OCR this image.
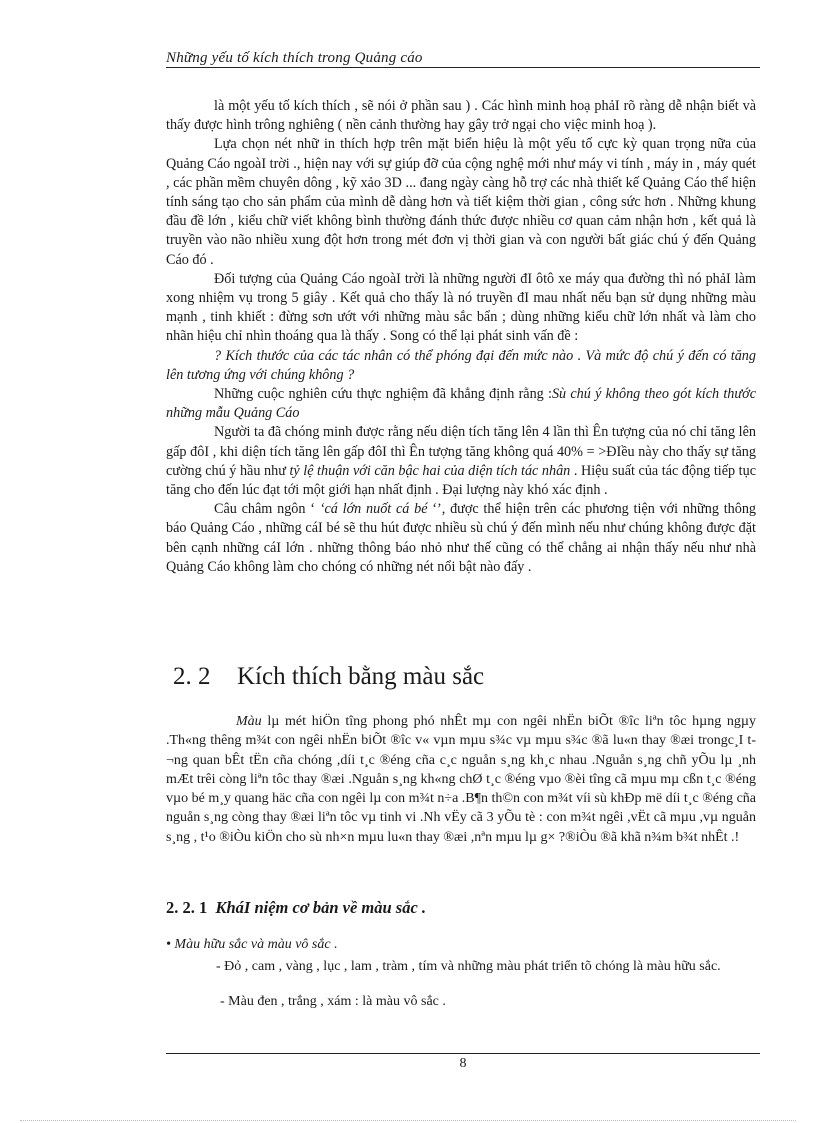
Những yếu tố kích thích trong Quảng cáo

là một yếu tố kích thích , sẽ nói ở phần sau ) . Các hình minh hoạ phảI rõ ràng dễ nhận biết và thấy được hình trông nghiêng ( nền cảnh thường hay gây trở ngại cho việc minh hoạ ).

Lựa chọn nét nhữ in thích hợp trên mặt biển hiệu là một yếu tố cực kỳ quan trọng nữa của Quảng Cáo ngoàI trời ., hiện nay với sự giúp đỡ của cộng nghệ mới như máy vi tính , máy in , máy quét , các phần mềm chuyên dông , kỹ xảo 3D ... đang ngày càng hỗ trợ các nhà thiết kế Quảng Cáo thể hiện tính sáng tạo cho sản phẩm của mình dễ dàng hơn và tiết kiệm thời gian , công sức hơn . Những khung đầu đề lớn , kiểu chữ viết không bình thường đánh thức được nhiều cơ quan cảm nhận hơn , kết quả là truyền vào não nhiều xung đột hơn trong mét đơn vị thời gian và con người bất giác chú ý đến Quảng Cáo đó .

Đối tượng của Quảng Cáo ngoàI trời là những người đI ôtô xe máy qua đường thì nó phảI làm xong nhiệm vụ trong 5 giây . Kết quả cho thấy là nó truyền đI mau nhất nếu bạn sử dụng những màu mạnh , tinh khiết : đừng sơn ướt với những màu sắc bẩn ; dùng những kiểu chữ lớn nhất và làm cho nhãn hiệu chỉ nhìn thoáng qua là thấy . Song có thể lại phát sinh vấn đề :

? Kích thước của các tác nhân có thể phóng đại đến mức nào . Và mức độ chú ý đến có tăng lên tương ứng với chúng không ?

Những cuộc nghiên cứu thực nghiệm đã khẳng định rằng :Sù chú ý không theo gót kích thước những mẫu Quảng Cáo

Người ta đã chóng minh được rằng nếu diện tích tăng lên 4 lần thì Ên tượng của nó chỉ tăng lên gấp đôI , khi diện tích tăng lên gấp đôI thì Ên tượng tăng không quá 40% = >ĐIều này cho thấy sự tăng cường chú ý hầu như tỷ lệ thuận với căn bậc hai của diện tích tác nhân . Hiệu suất của tác động tiếp tục tăng cho đến lúc đạt tới một giới hạn nhất định . Đại lượng này khó xác định .

Câu châm ngôn ‘ ‘cá lớn nuốt cá bé ‘’, được thể hiện trên các phương tiện với những thông báo Quảng Cáo , những cáI bé sẽ thu hút được nhiều sù chú ý đến mình nếu như chúng không được đặt bên cạnh những cáI lớn . những thông báo nhỏ như thế cũng có thể chẳng ai nhận thấy nếu như nhà Quảng Cáo không làm cho chóng có những nét nổi bật nào đấy .

2. 2 Kích thích bằng màu sắc

Màu lµ mét hiÖn tîng phong phó nhÊt mµ con ngêi nhËn biÕt ®îc liªn tôc hµng ngµy .Th«ng thêng m¾t con ngêi nhËn biÕt ®îc v« vµn mµu s¾c vµ mµu s¾c ®ã lu«n thay ®æi trongc¸I t¬ng quan bÊt tËn cña chóng ,díi t¸c ®éng cña c¸c nguån s¸ng kh¸c nhau .Nguån s¸ng chñ yÕu lµ ¸nh mÆt trêi còng liªn tôc thay ®æi .Nguån s¸ng kh«ng chØ t¸c ®éng vµo ®èi tîng cã mµu mµ cßn t¸c ®éng vµo bé m¸y quang häc cña con ngêi lµ con m¾t n÷a .B¶n th©n con m¾t víi sù khÐp më díi t¸c ®éng cña nguån s¸ng còng thay ®æi liªn tôc vµ tinh vi .Nh vËy cã 3 yÕu tè : con m¾t ngêi ,vËt cã mµu ,vµ nguån s¸ng , t¹o ®iÒu kiÖn cho sù nh×n mµu lu«n thay ®æi ,nªn mµu lµ g× ?®iÒu ®ã khã n¾m b¾t nhÊt .!

2. 2. 1 KháI niệm cơ bản về màu sắc .
• Màu hữu sắc và màu vô sắc .
- Đỏ , cam , vàng , lục , lam , tràm , tím và những màu phát triển tõ chóng là màu hữu sắc.
- Màu đen , trắng , xám : là màu vô sắc .
8
